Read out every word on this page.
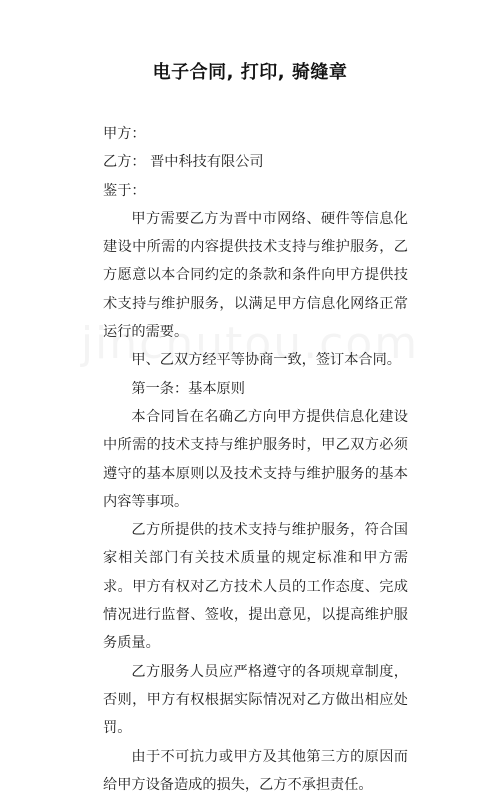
电子合同, 打印, 骑缝章

甲方：

乙方： 晋中科技有限公司

鉴于：

甲方需要乙方为晋中市网络、硬件等信息化建设中所需的内容提供技术支持与维护服务，乙方愿意以本合同约定的条款和条件向甲方提供技术支持与维护服务，以满足甲方信息化网络正常运行的需要。

甲、乙双方经平等协商一致，签订本合同。

第一条：基本原则

本合同旨在名确乙方向甲方提供信息化建设中所需的技术支持与维护服务时，甲乙双方必须遵守的基本原则以及技术支持与维护服务的基本内容等事项。

乙方所提供的技术支持与维护服务，符合国家相关部门有关技术质量的规定标准和甲方需求。甲方有权对乙方技术人员的工作态度、完成情况进行监督、签收，提出意见，以提高维护服务质量。

乙方服务人员应严格遵守的各项规章制度，否则，甲方有权根据实际情况对乙方做出相应处罚。

由于不可抗力或甲方及其他第三方的原因而给甲方设备造成的损失，乙方不承担责任。
